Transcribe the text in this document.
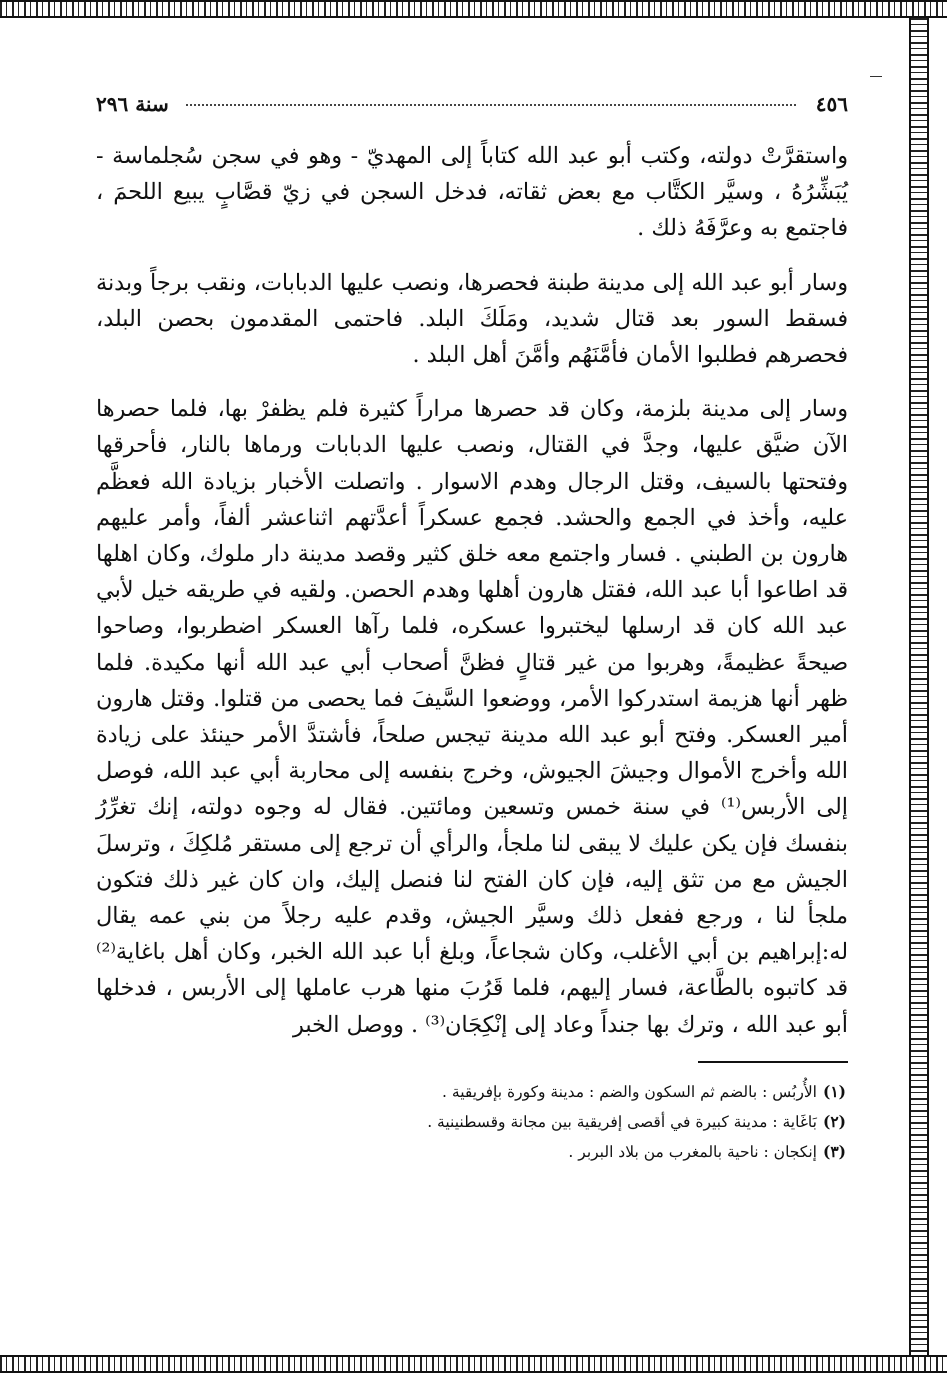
٤٥٦
سنة ٢٩٦

واستقرَّتْ دولته، وكتب أبو عبد الله كتاباً إلى المهديّ - وهو في سجن سُجلماسة - يُبَشِّرُهُ ، وسيَّر الكتَّاب مع بعض ثقاته، فدخل السجن في زيّ قصَّابٍ يبيع اللحمَ ، فاجتمع به وعرَّفَهُ ذلك .

وسار أبو عبد الله إلى مدينة طبنة فحصرها، ونصب عليها الدبابات، ونقب برجاً وبدنة فسقط السور بعد قتال شديد، ومَلَكَ البلد. فاحتمى المقدمون بحصن البلد، فحصرهم فطلبوا الأمان فأمَّنَهُم وأمَّنَ أهل البلد .

وسار إلى مدينة بلزمة، وكان قد حصرها مراراً كثيرة فلم يظفرْ بها، فلما حصرها الآن ضيَّق عليها، وجدَّ في القتال، ونصب عليها الدبابات ورماها بالنار، فأحرقها وفتحتها بالسيف، وقتل الرجال وهدم الاسوار . واتصلت الأخبار بزيادة الله فعظَّم عليه، وأخذ في الجمع والحشد. فجمع عسكراً أعدَّتهم اثناعشر ألفاً، وأمر عليهم هارون بن الطبني . فسار واجتمع معه خلق كثير وقصد مدينة دار ملوك، وكان اهلها قد اطاعوا أبا عبد الله، فقتل هارون أهلها وهدم الحصن. ولقيه في طريقه خيل لأبي عبد الله كان قد ارسلها ليختبروا عسكره، فلما رآها العسكر اضطربوا، وصاحوا صيحةً عظيمةً، وهربوا من غير قتالٍ فظنَّ أصحاب أبي عبد الله أنها مكيدة. فلما ظهر أنها هزيمة استدركوا الأمر، ووضعوا السَّيفَ فما يحصى من قتلوا. وقتل هارون أمير العسكر. وفتح أبو عبد الله مدينة تيجس صلحاً، فأشتدَّ الأمر حينئذ على زيادة الله وأخرج الأموال وجيشَ الجيوش، وخرج بنفسه إلى محاربة أبي عبد الله، فوصل إلى الأربس⁽¹⁾ في سنة خمس وتسعين ومائتين. فقال له وجوه دولته، إنك تغرِّرُ بنفسك فإن يكن عليك لا يبقى لنا ملجأ، والرأي أن ترجع إلى مستقر مُلكِكَ ، وترسلَ الجيش مع من تثق إليه، فإن كان الفتح لنا فنصل إليك، وان كان غير ذلك فتكون ملجأ لنا ، ورجع ففعل ذلك وسيَّر الجيش، وقدم عليه رجلاً من بني عمه يقال له:إبراهيم بن أبي الأغلب، وكان شجاعاً، وبلغ أبا عبد الله الخبر، وكان أهل باغاية⁽²⁾ قد كاتبوه بالطَّاعة، فسار إليهم، فلما قَرُبَ منها هرب عاملها إلى الأربس ، فدخلها أبو عبد الله ، وترك بها جنداً وعاد إلى إنْكِجَان⁽³⁾ . ووصل الخبر

(١)الأُربُس : بالضم ثم السكون والضم : مدينة وكورة بإفريقية .

(٢)بَاغَاية : مدينة كبيرة في أقصى إفريقية بين مجانة وقسطنينية .

(٣)إنكجان : ناحية بالمغرب من بلاد البربر .
